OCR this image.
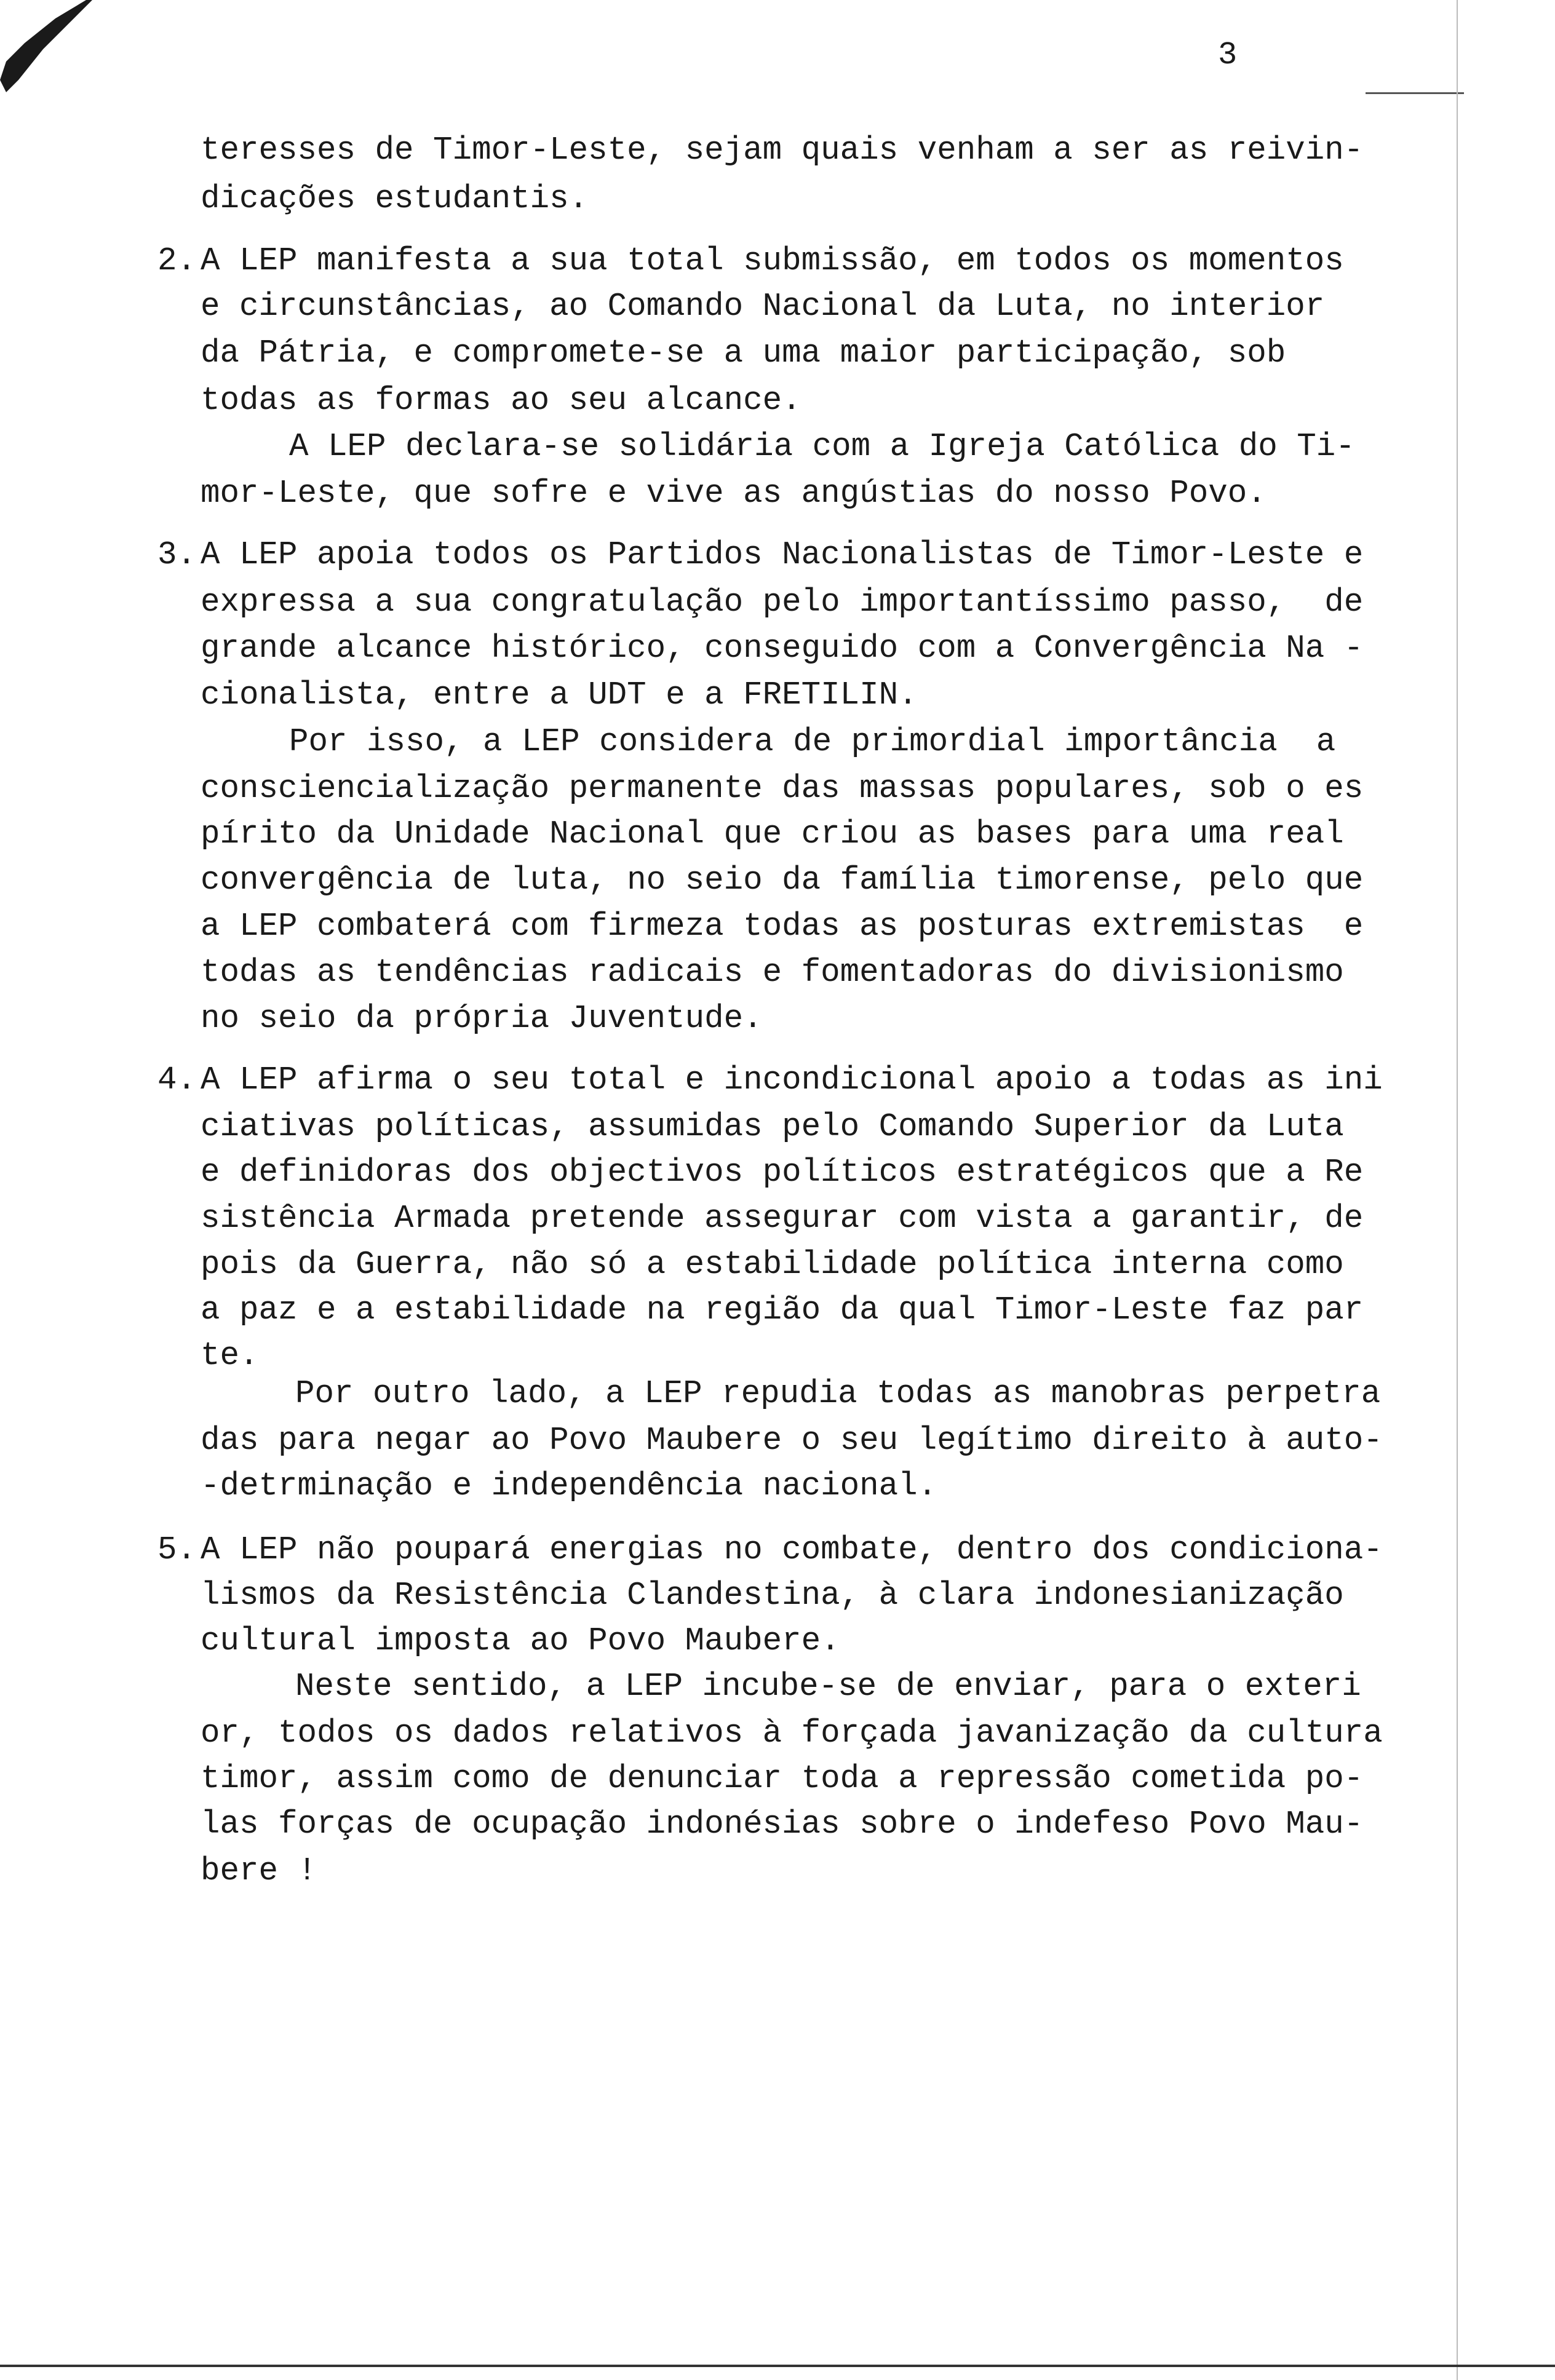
3
teresses de Timor-Leste, sejam quais venham a ser as reivin-
dicações estudantis.
2. A LEP manifesta a sua total submissão, em todos os momentos
e circunstâncias, ao Comando Nacional da Luta, no interior
da Pátria, e compromete-se a uma maior participação, sob
todas as formas ao seu alcance.
A LEP declara-se solidária com a Igreja Católica do Ti-
mor-Leste, que sofre e vive as angústias do nosso Povo.
3. A LEP apoia todos os Partidos Nacionalistas de Timor-Leste e
expressa a sua congratulação pelo importantíssimo passo,  de
grande alcance histórico, conseguido com a Convergência Na -
cionalista, entre a UDT e a FRETILIN.
Por isso, a LEP considera de primordial importância  a
consciencialização permanente das massas populares, sob o es
pírito da Unidade Nacional que criou as bases para uma real
convergência de luta, no seio da família timorense, pelo que
a LEP combaterá com firmeza todas as posturas extremistas  e
todas as tendências radicais e fomentadoras do divisionismo
no seio da própria Juventude.
4. A LEP afirma o seu total e incondicional apoio a todas as ini
ciativas políticas, assumidas pelo Comando Superior da Luta
e definidoras dos objectivos políticos estratégicos que a Re
sistência Armada pretende assegurar com vista a garantir, de
pois da Guerra, não só a estabilidade política interna como
a paz e a estabilidade na região da qual Timor-Leste faz par
te.
Por outro lado, a LEP repudia todas as manobras perpetra
das para negar ao Povo Maubere o seu legítimo direito à auto-
-detrminação e independência nacional.
5. A LEP não poupará energias no combate, dentro dos condiciona-
lismos da Resistência Clandestina, à clara indonesianização
cultural imposta ao Povo Maubere.
Neste sentido, a LEP incube-se de enviar, para o exteri
or, todos os dados relativos à forçada javanização da cultura
timor, assim como de denunciar toda a repressão cometida po-
las forças de ocupação indonésias sobre o indefeso Povo Mau-
bere !
